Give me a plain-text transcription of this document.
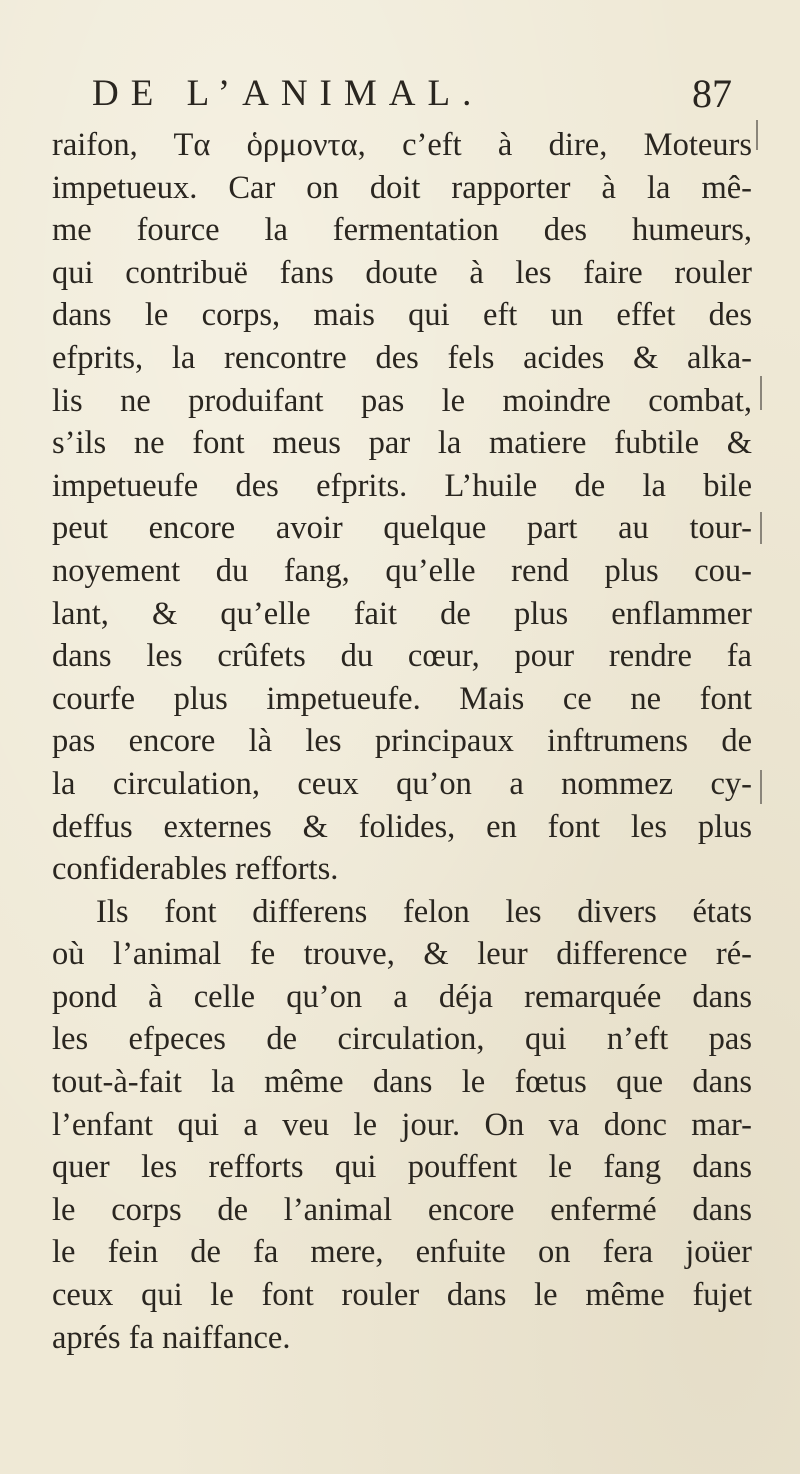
DE L’ANIMAL.	87
raifon, Tα ὁρμοντα, c’eft à dire, Moteurs
impetueux. Car on doit rapporter à la mê-
me fource la fermentation des humeurs,
qui contribuë fans doute à les faire rouler
dans le corps, mais qui eft un effet des
efprits, la rencontre des fels acides & alka-
lis ne produifant pas le moindre combat,
s’ils ne font meus par la matiere fubtile &
impetueufe des efprits. L’huile de la bile
peut encore avoir quelque part au tour-
noyement du fang, qu’elle rend plus cou-
lant, & qu’elle fait de plus enflammer
dans les crûfets du cœur, pour rendre fa
courfe plus impetueufe. Mais ce ne font
pas encore là les principaux inftrumens de
la circulation, ceux qu’on a nommez cy-
deffus externes & folides, en font les plus
confiderables refforts.
Ils font differens felon les divers états
où l’animal fe trouve, & leur difference ré-
pond à celle qu’on a déja remarquée dans
les efpeces de circulation, qui n’eft pas
tout-à-fait la même dans le fœtus que dans
l’enfant qui a veu le jour. On va donc mar-
quer les refforts qui pouffent le fang dans
le corps de l’animal encore enfermé dans
le fein de fa mere, enfuite on fera joüer
ceux qui le font rouler dans le même fujet
aprés fa naiffance.
